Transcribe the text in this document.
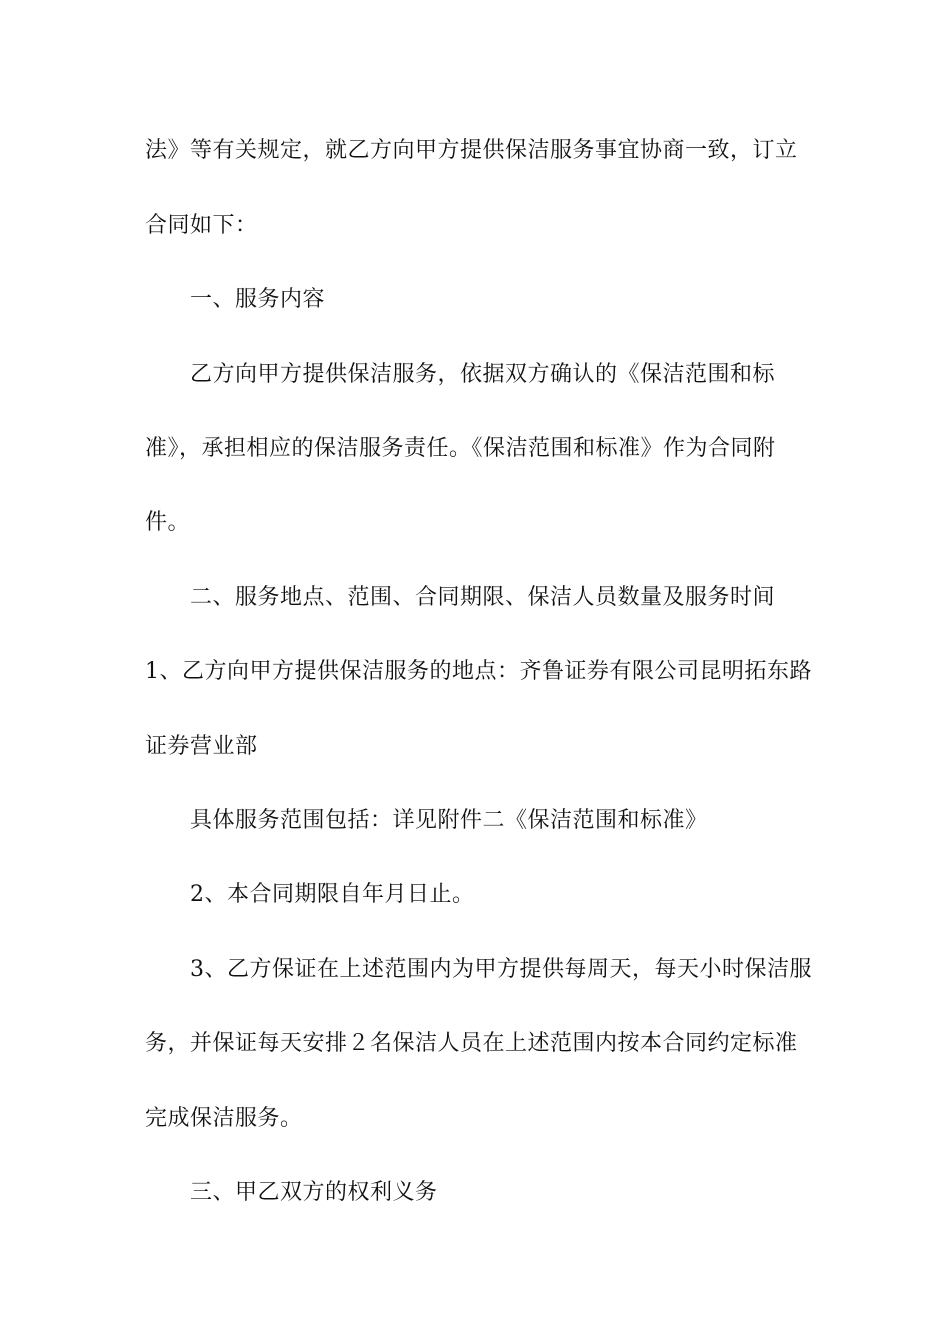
法》等有关规定，就乙方向甲方提供保洁服务事宜协商一致，订立
合同如下：
一、服务内容
乙方向甲方提供保洁服务，依据双方确认的《保洁范围和标
准》，承担相应的保洁服务责任。《保洁范围和标准》作为合同附
件。
二、服务地点、范围、合同期限、保洁人员数量及服务时间
1、乙方向甲方提供保洁服务的地点：齐鲁证券有限公司昆明拓东路
证券营业部
具体服务范围包括：详见附件二《保洁范围和标准》
2、本合同期限自年月日止。
3、乙方保证在上述范围内为甲方提供每周天，每天小时保洁服
务，并保证每天安排２名保洁人员在上述范围内按本合同约定标准
完成保洁服务。
三、甲乙双方的权利义务
